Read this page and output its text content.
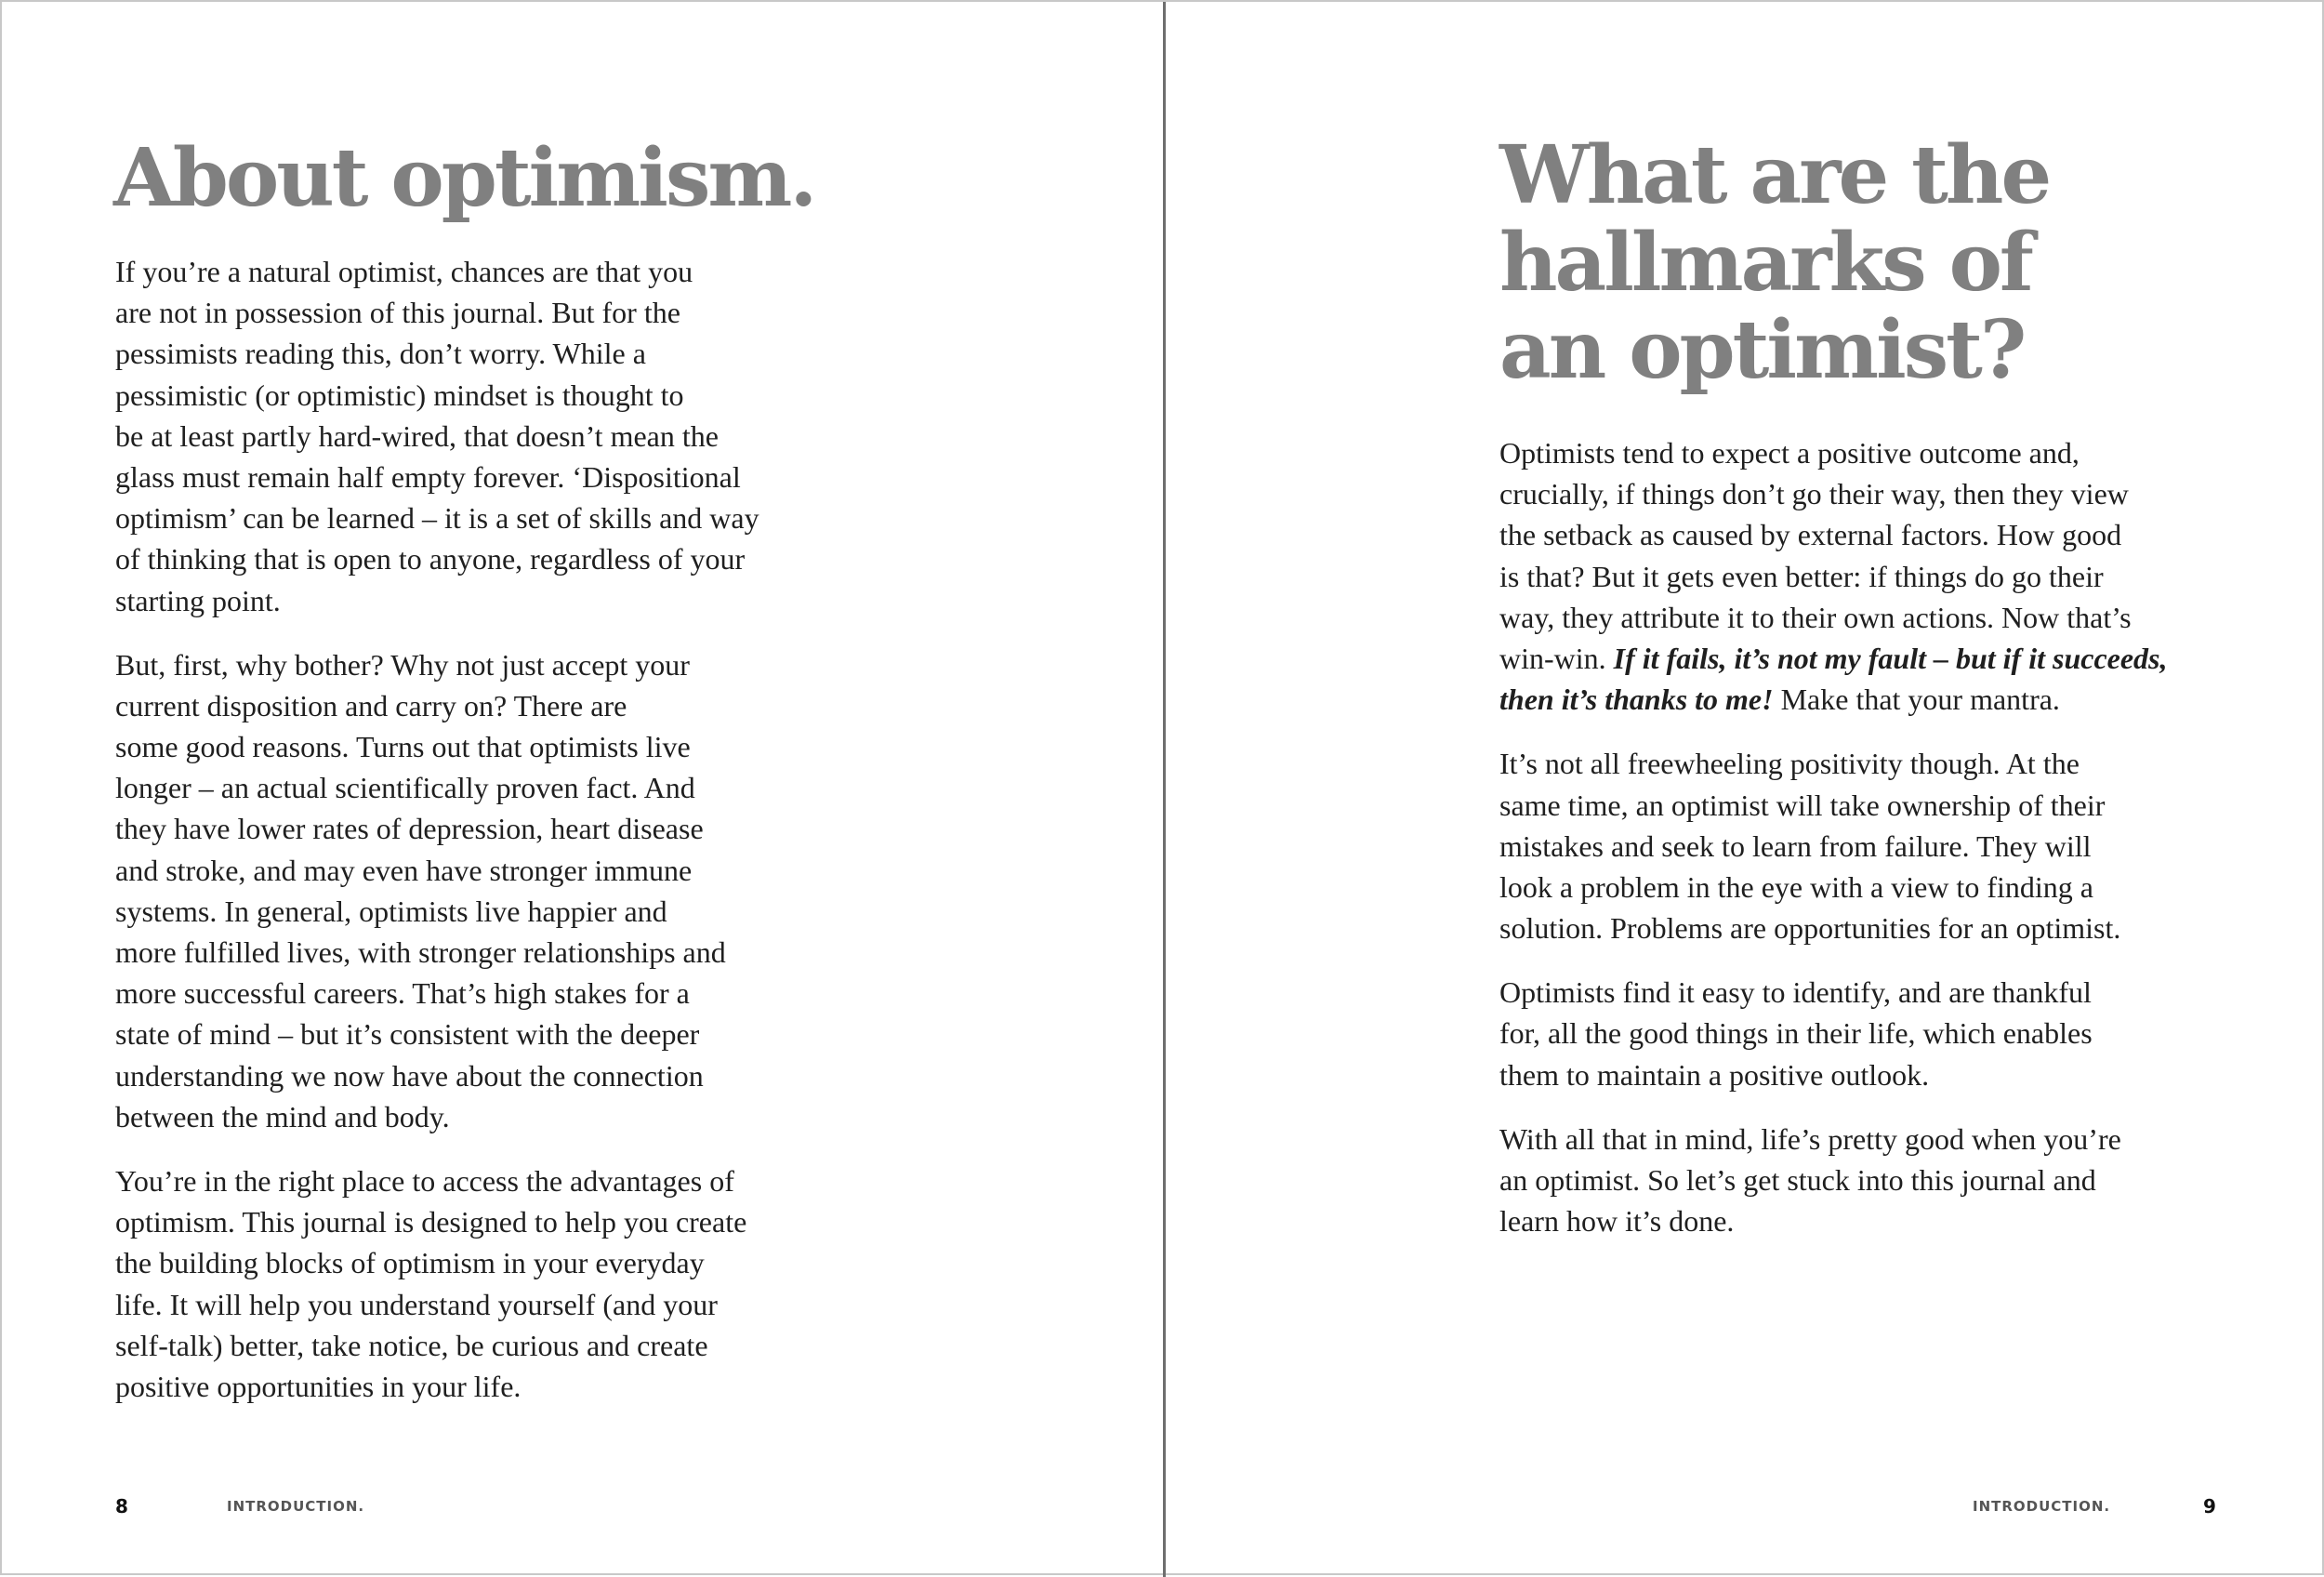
About optimism.

If you’re a natural optimist, chances are that you
are not in possession of this journal. But for the
pessimists reading this, don’t worry. While a
pessimistic (or optimistic) mindset is thought to
be at least partly hard-wired, that doesn’t mean the
glass must remain half empty forever. ‘Dispositional
optimism’ can be learned – it is a set of skills and way
of thinking that is open to anyone, regardless of your
starting point.

But, first, why bother? Why not just accept your
current disposition and carry on? There are
some good reasons. Turns out that optimists live
longer – an actual scientifically proven fact. And
they have lower rates of depression, heart disease
and stroke, and may even have stronger immune
systems. In general, optimists live happier and
more fulfilled lives, with stronger relationships and
more successful careers. That’s high stakes for a
state of mind – but it’s consistent with the deeper
understanding we now have about the connection
between the mind and body.

You’re in the right place to access the advantages of
optimism. This journal is designed to help you create
the building blocks of optimism in your everyday
life. It will help you understand yourself (and your
self-talk) better, take notice, be curious and create
positive opportunities in your life.

8	INTRODUCTION.
What are the
hallmarks of
an optimist?

Optimists tend to expect a positive outcome and,
crucially, if things don’t go their way, then they view
the setback as caused by external factors. How good
is that? But it gets even better: if things do go their
way, they attribute it to their own actions. Now that’s
win-win. If it fails, it’s not my fault – but if it succeeds,
then it’s thanks to me! Make that your mantra.

It’s not all freewheeling positivity though. At the
same time, an optimist will take ownership of their
mistakes and seek to learn from failure. They will
look a problem in the eye with a view to finding a
solution. Problems are opportunities for an optimist.

Optimists find it easy to identify, and are thankful
for, all the good things in their life, which enables
them to maintain a positive outlook.

With all that in mind, life’s pretty good when you’re
an optimist. So let’s get stuck into this journal and
learn how it’s done.

INTRODUCTION.	9
